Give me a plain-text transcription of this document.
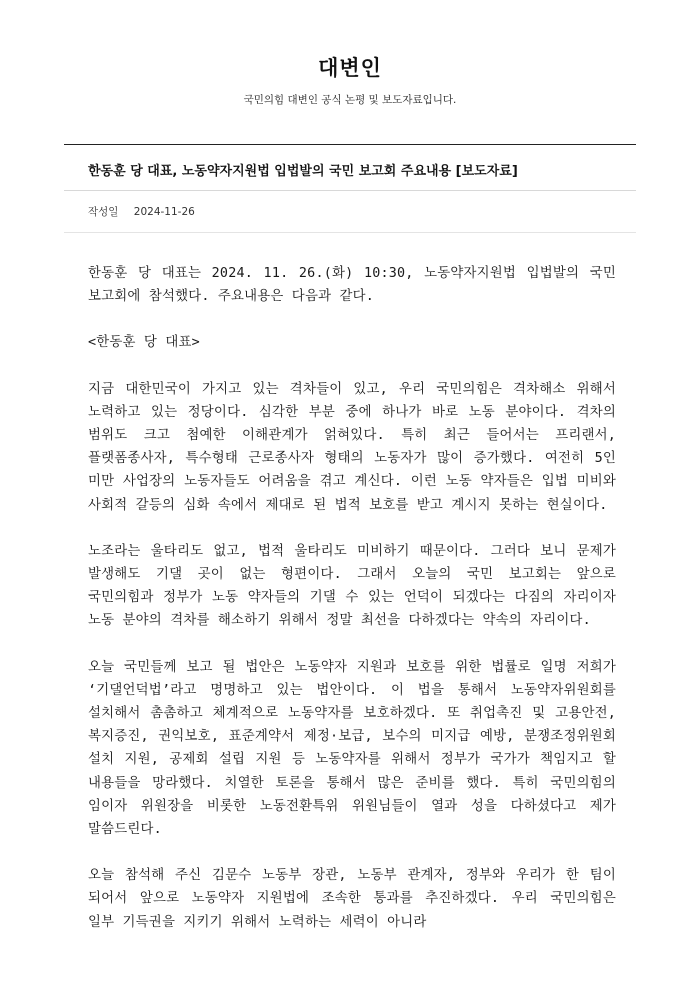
대변인
국민의힘 대변인 공식 논평 및 보도자료입니다.
한동훈 당 대표, 노동약자지원법 입법발의 국민 보고회 주요내용 [보도자료]
작성일 2024-11-26

한동훈 당 대표는 2024. 11. 26.(화) 10:30, 노동약자지원법 입법발의 국민 보고회에 참석했다. 주요내용은 다음과 같다.

<한동훈 당 대표>

지금 대한민국이 가지고 있는 격차들이 있고, 우리 국민의힘은 격차해소 위해서 노력하고 있는 정당이다. 심각한 부분 중에 하나가 바로 노동 분야이다. 격차의 범위도 크고 첨예한 이해관계가 얽혀있다. 특히 최근 들어서는 프리랜서, 플랫폼종사자, 특수형태 근로종사자 형태의 노동자가 많이 증가했다. 여전히 5인 미만 사업장의 노동자들도 어려움을 겪고 계신다. 이런 노동 약자들은 입법 미비와 사회적 갈등의 심화 속에서 제대로 된 법적 보호를 받고 계시지 못하는 현실이다.

노조라는 울타리도 없고, 법적 울타리도 미비하기 때문이다. 그러다 보니 문제가 발생해도 기댈 곳이 없는 형편이다. 그래서 오늘의 국민 보고회는 앞으로 국민의힘과 정부가 노동 약자들의 기댈 수 있는 언덕이 되겠다는 다짐의 자리이자 노동 분야의 격차를 해소하기 위해서 정말 최선을 다하겠다는 약속의 자리이다.

오늘 국민들께 보고 될 법안은 노동약자 지원과 보호를 위한 법률로 일명 저희가 ‘기댈언덕법’라고 명명하고 있는 법안이다. 이 법을 통해서 노동약자위원회를 설치해서 촘촘하고 체계적으로 노동약자를 보호하겠다. 또 취업촉진 및 고용안전, 복지증진, 권익보호, 표준계약서 제정·보급, 보수의 미지급 예방, 분쟁조정위원회 설치 지원, 공제회 설립 지원 등 노동약자를 위해서 정부가 국가가 책임지고 할 내용들을 망라했다. 치열한 토론을 통해서 많은 준비를 했다. 특히 국민의힘의 임이자 위원장을 비롯한 노동전환특위 위원님들이 열과 성을 다하셨다고 제가 말씀드린다.

오늘 참석해 주신 김문수 노동부 장관, 노동부 관계자, 정부와 우리가 한 팀이 되어서 앞으로 노동약자 지원법에 조속한 통과를 추진하겠다. 우리 국민의힘은 일부 기득권을 지키기 위해서 노력하는 세력이 아니라
